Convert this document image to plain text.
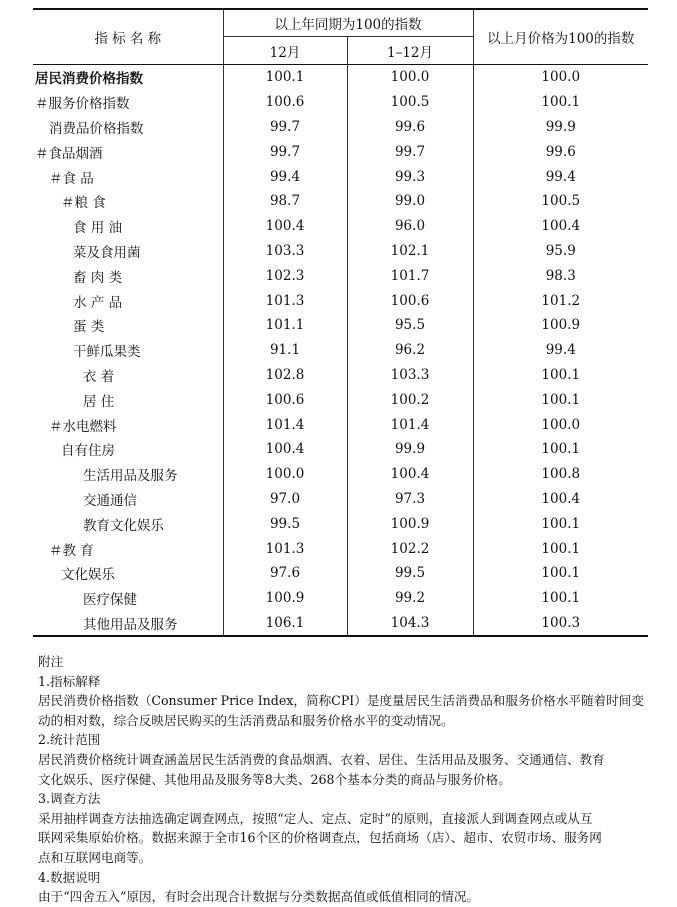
指 标 名 称	以上年同期为100的指数		以上月价格为100的指数
	12月	1–12月	
居民消费价格指数	100.1	100.0	100.0
＃服务价格指数	100.6	100.5	100.1
消费品价格指数	99.7	99.6	99.9
＃食品烟酒	99.7	99.7	99.6
＃食 品	99.4	99.3	99.4
＃粮 食	98.7	99.0	100.5
食 用 油	100.4	96.0	100.4
菜及食用菌	103.3	102.1	95.9
畜 肉 类	102.3	101.7	98.3
水 产 品	101.3	100.6	101.2
蛋 类	101.1	95.5	100.9
干鲜瓜果类	91.1	96.2	99.4
衣 着	102.8	103.3	100.1
居 住	100.6	100.2	100.1
＃水电燃料	101.4	101.4	100.0
自有住房	100.4	99.9	100.1
生活用品及服务	100.0	100.4	100.8
交通通信	97.0	97.3	100.4
教育文化娱乐	99.5	100.9	100.1
＃教 育	101.3	102.2	100.1
文化娱乐	97.6	99.5	100.1
医疗保健	100.9	99.2	100.1
其他用品及服务	106.1	104.3	100.3

附注

1.指标解释

居民消费价格指数（Consumer Price Index，简称CPI）是度量居民生活消费品和服务价格水平随着时间变

动的相对数，综合反映居民购买的生活消费品和服务价格水平的变动情况。

2.统计范围

居民消费价格统计调查涵盖居民生活消费的食品烟酒、衣着、居住、生活用品及服务、交通通信、教育

文化娱乐、医疗保健、其他用品及服务等8大类、268个基本分类的商品与服务价格。

3.调查方法

采用抽样调查方法抽选确定调查网点，按照“定人、定点、定时”的原则，直接派人到调查网点或从互

联网采集原始价格。数据来源于全市16个区的价格调查点，包括商场（店）、超市、农贸市场、服务网

点和互联网电商等。

4.数据说明

由于“四舍五入”原因，有时会出现合计数据与分类数据高值或低值相同的情况。
